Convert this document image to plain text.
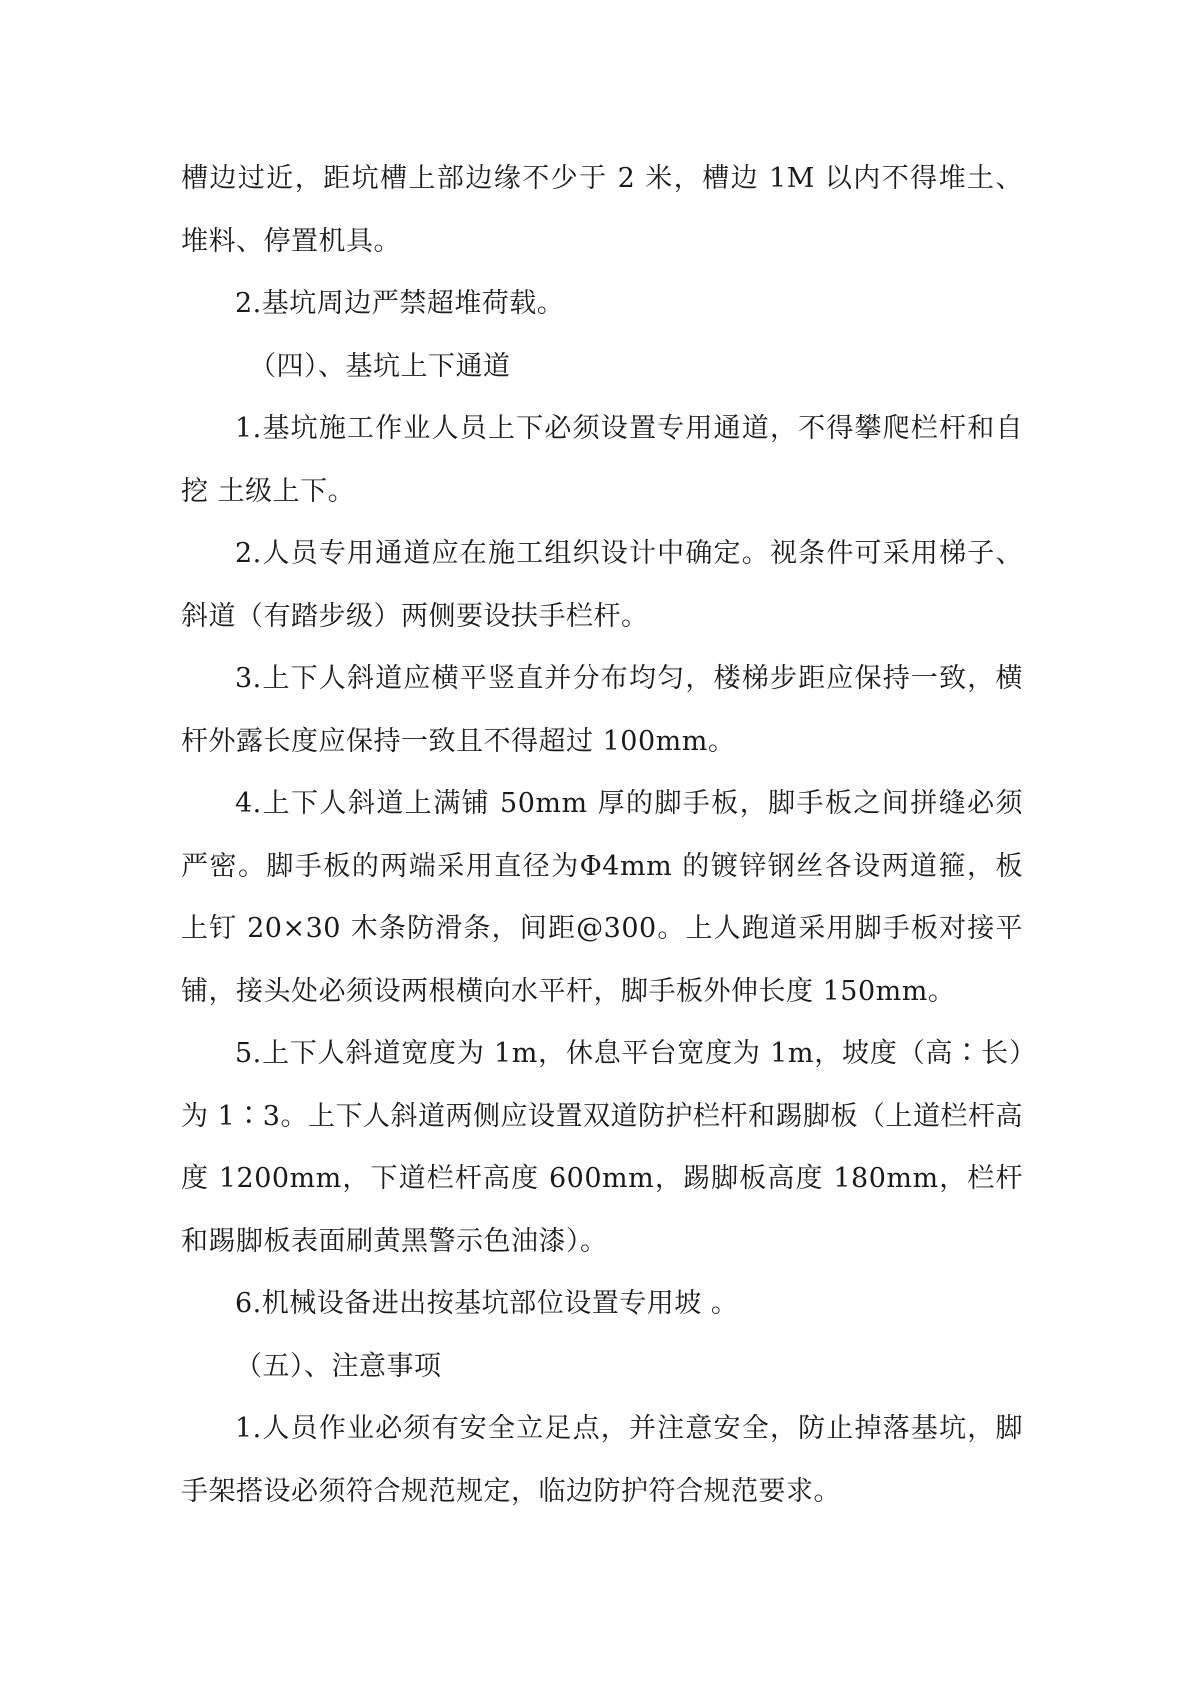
槽边过近，距坑槽上部边缘不少于 2 米，槽边 1M 以内不得堆土、堆料、停置机具。

2.基坑周边严禁超堆荷载。

（四）、基坑上下通道

1.基坑施工作业人员上下必须设置专用通道，不得攀爬栏杆和自挖 土级上下。

2.人员专用通道应在施工组织设计中确定。视条件可采用梯子、斜道（有踏步级）两侧要设扶手栏杆。

3.上下人斜道应横平竖直并分布均匀，楼梯步距应保持一致，横杆外露长度应保持一致且不得超过 100mm。

4.上下人斜道上满铺 50mm 厚的脚手板，脚手板之间拼缝必须严密。脚手板的两端采用直径为Φ4mm 的镀锌钢丝各设两道箍，板上钉 20×30 木条防滑条，间距@300。上人跑道采用脚手板对接平铺，接头处必须设两根横向水平杆，脚手板外伸长度 150mm。

5.上下人斜道宽度为 1m，休息平台宽度为 1m，坡度（高∶长）为 1∶3。上下人斜道两侧应设置双道防护栏杆和踢脚板（上道栏杆高度 1200mm，下道栏杆高度 600mm，踢脚板高度 180mm，栏杆和踢脚板表面刷黄黑警示色油漆）。

6.机械设备进出按基坑部位设置专用坡 。

（五）、注意事项

1.人员作业必须有安全立足点，并注意安全，防止掉落基坑，脚手架搭设必须符合规范规定，临边防护符合规范要求。
